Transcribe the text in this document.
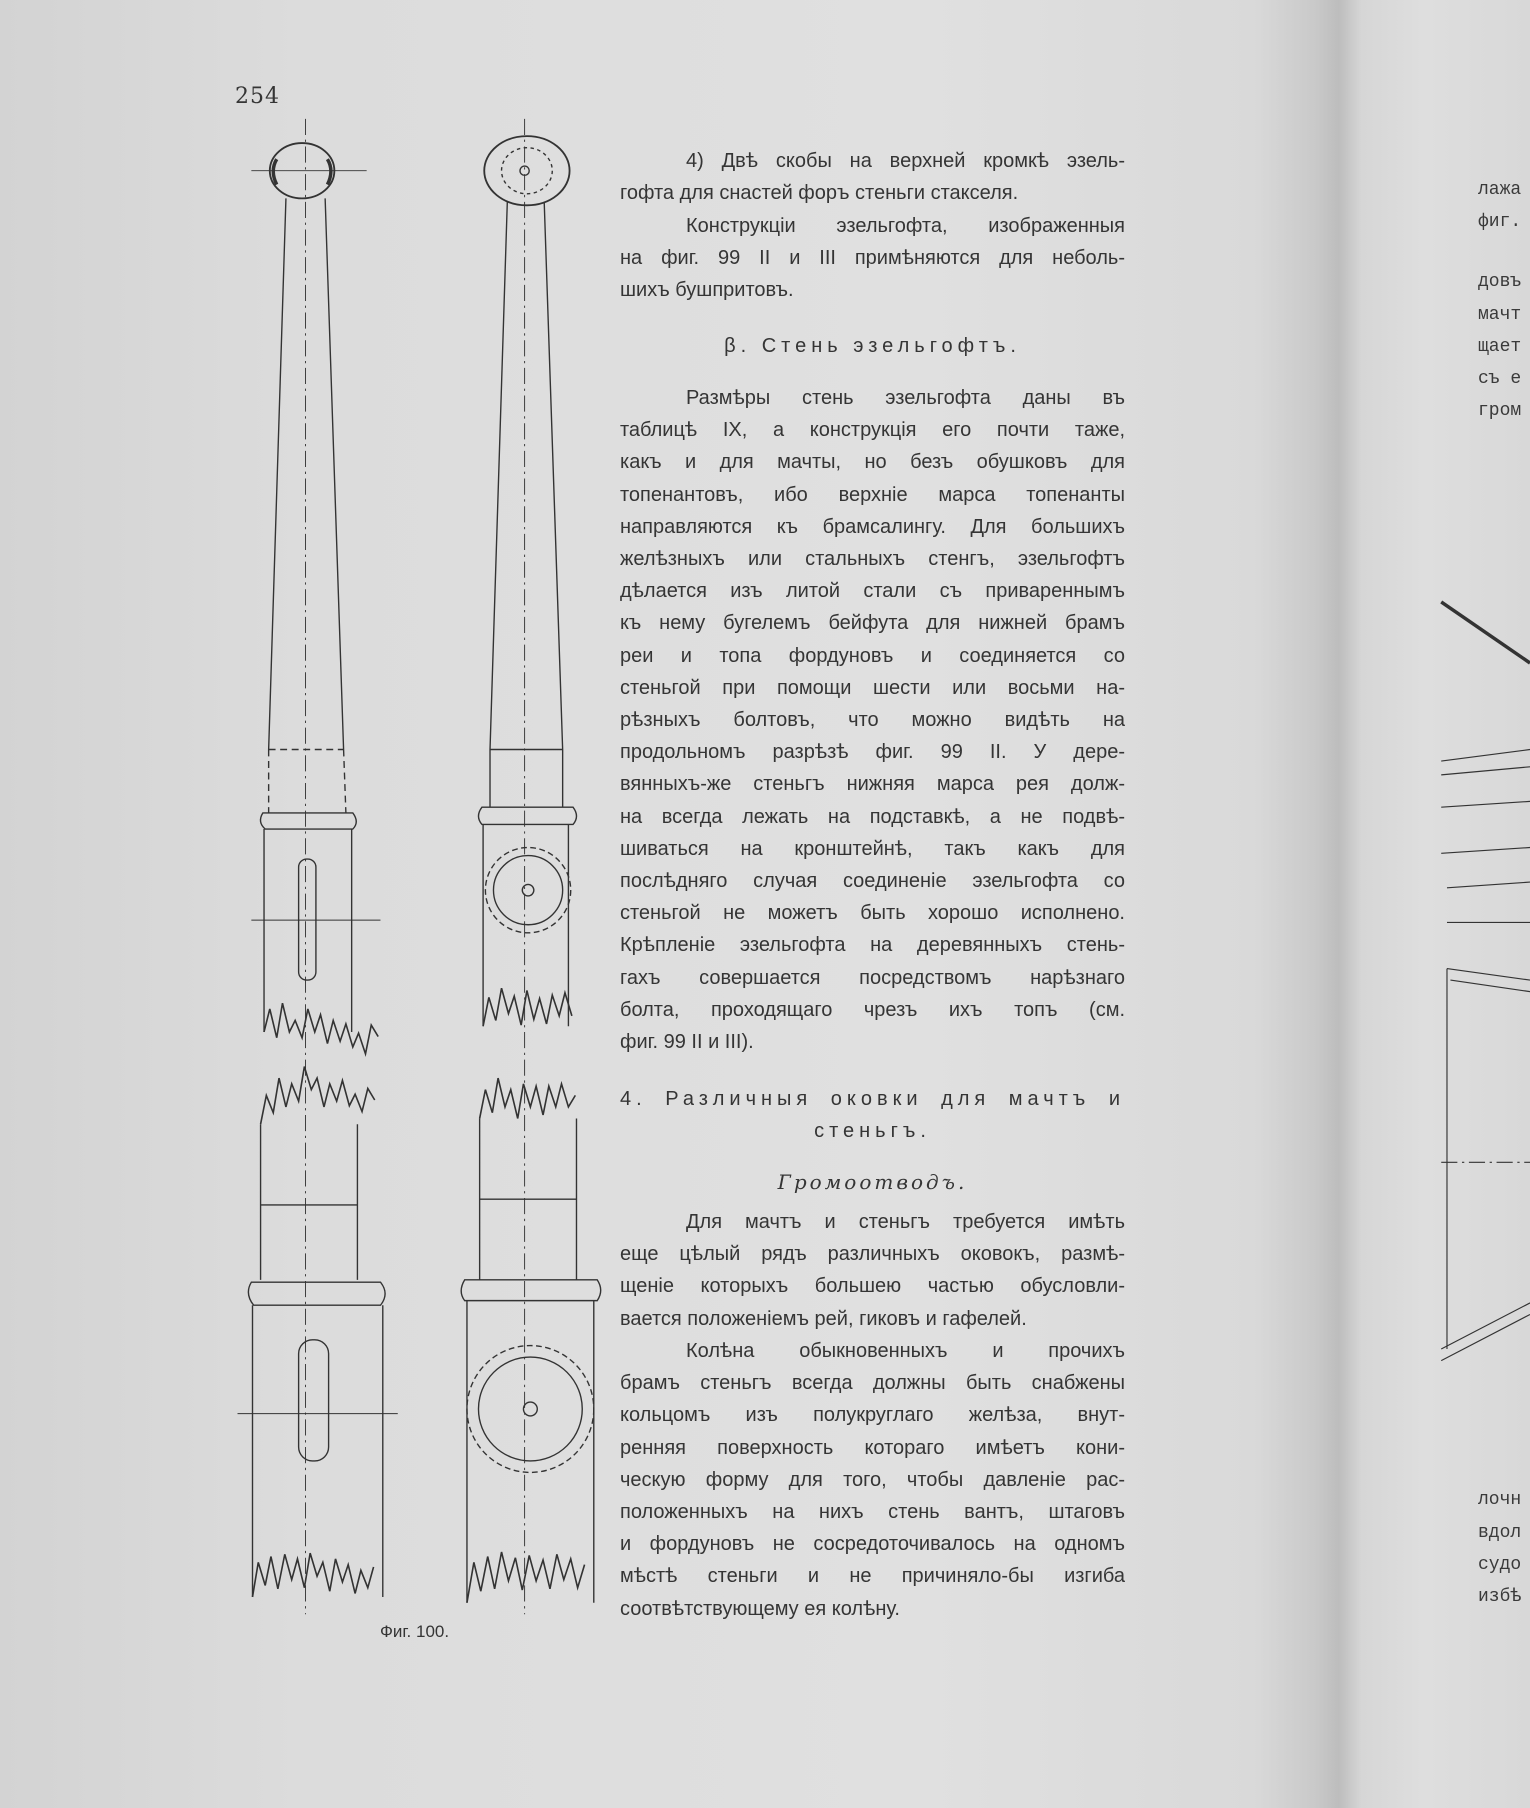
254
4) Двѣ скобы на верхней кромкѣ эзель-
гофта для снастей форъ стеньги стакселя.
Конструкціи эзельгофта, изображенныя
на фиг. 99 II и III примѣняются для неболь-
шихъ бушпритовъ.
β. Стень эзельгофтъ.
Размѣры стень эзельгофта даны въ
таблицѣ IX, а конструкція его почти таже,
какъ и для мачты, но безъ обушковъ для
топенантовъ, ибо верхніе марса топенанты
направляются къ брамсалингу. Для большихъ
желѣзныхъ или стальныхъ стенгъ, эзельгофтъ
дѣлается изъ литой стали съ привареннымъ
къ нему бугелемъ бейфута для нижней брамъ
реи и топа фордуновъ и соединяется со
стеньгой при помощи шести или восьми на-
рѣзныхъ болтовъ, что можно видѣть на
продольномъ разрѣзѣ фиг. 99 II. У дере-
вянныхъ-же стеньгъ нижняя марса рея долж-
на всегда лежать на подставкѣ, а не подвѣ-
шиваться на кронштейнѣ, такъ какъ для
послѣдняго случая соединеніе эзельгофта со
стеньгой не можетъ быть хорошо исполнено.
Крѣпленіе эзельгофта на деревянныхъ стень-
гахъ совершается посредствомъ нарѣзнаго
болта, проходящаго чрезъ ихъ топъ (см.
фиг. 99 II и III).
4. Различныя оковки для мачтъ и
стеньгъ.
Громоотводъ.
Для мачтъ и стеньгъ требуется имѣть
еще цѣлый рядъ различныхъ оковокъ, размѣ-
щеніе которыхъ большею частью обусловли-
вается положеніемъ рей, гиковъ и гафелей.
Колѣна обыкновенныхъ и прочихъ
брамъ стеньгъ всегда должны быть снабжены
кольцомъ изъ полукруглаго желѣза, внут-
ренняя поверхность котораго имѣетъ кони-
ческую форму для того, чтобы давленіе рас-
положенныхъ на нихъ стень вантъ, штаговъ
и фордуновъ не сосредоточивалось на одномъ
мѣстѣ стеньги и не причиняло-бы изгиба
соотвѣтствующему ея колѣну.
Фиг. 100.
лажа
фиг.
довъ
мачт
щает
съ е
гром
лочн
вдол
судо
избѣ
